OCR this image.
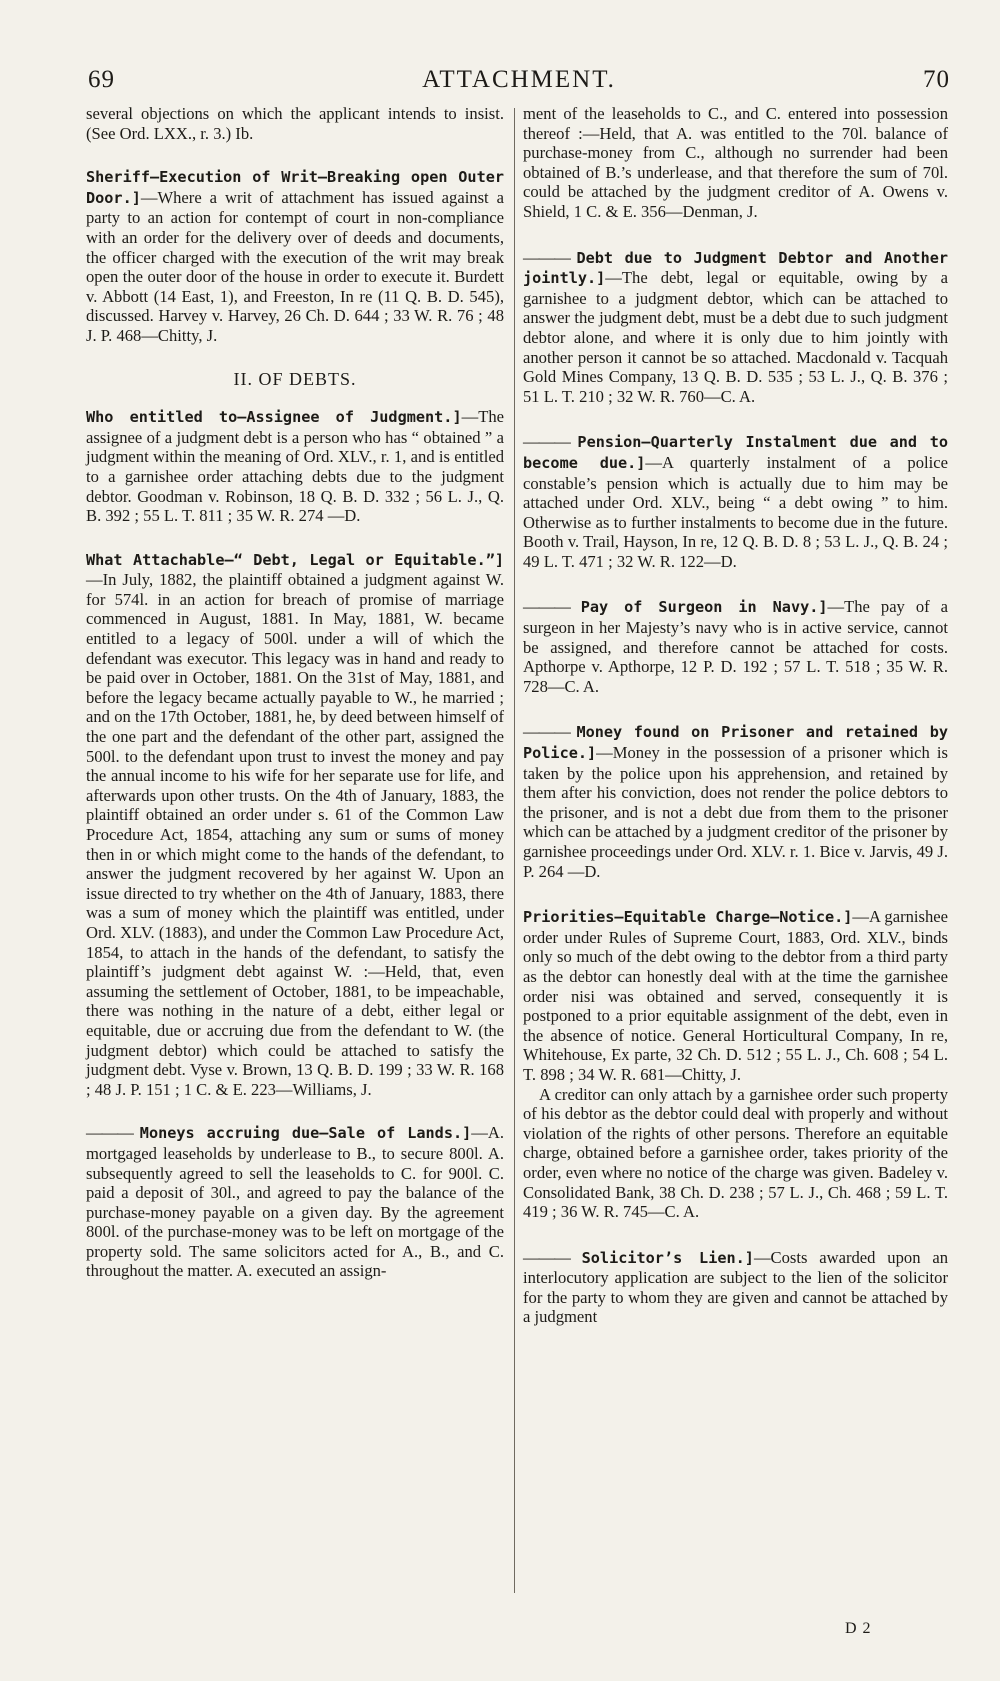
69	ATTACHMENT.	70

several objections on which the applicant intends to insist. (See Ord. LXX., r. 3.) Ib.

Sheriff—Execution of Writ—Breaking open Outer Door.]—Where a writ of attachment has issued against a party to an action for contempt of court in non-compliance with an order for the delivery over of deeds and documents, the officer charged with the execution of the writ may break open the outer door of the house in order to execute it. Burdett v. Abbott (14 East, 1), and Freeston, In re (11 Q. B. D. 545), discussed. Harvey v. Harvey, 26 Ch. D. 644 ; 33 W. R. 76 ; 48 J. P. 468—Chitty, J.

II. OF DEBTS.

Who entitled to—Assignee of Judgment.]—The assignee of a judgment debt is a person who has “ obtained ” a judgment within the meaning of Ord. XLV., r. 1, and is entitled to a garnishee order attaching debts due to the judgment debtor. Goodman v. Robinson, 18 Q. B. D. 332 ; 56 L. J., Q. B. 392 ; 55 L. T. 811 ; 35 W. R. 274 —D.

What Attachable—“ Debt, Legal or Equitable.”]—In July, 1882, the plaintiff obtained a judgment against W. for 574l. in an action for breach of promise of marriage commenced in August, 1881. In May, 1881, W. became entitled to a legacy of 500l. under a will of which the defendant was executor. This legacy was in hand and ready to be paid over in October, 1881. On the 31st of May, 1881, and before the legacy became actually payable to W., he married ; and on the 17th October, 1881, he, by deed between himself of the one part and the defendant of the other part, assigned the 500l. to the defendant upon trust to invest the money and pay the annual income to his wife for her separate use for life, and afterwards upon other trusts. On the 4th of January, 1883, the plaintiff obtained an order under s. 61 of the Common Law Procedure Act, 1854, attaching any sum or sums of money then in or which might come to the hands of the defendant, to answer the judgment recovered by her against W. Upon an issue directed to try whether on the 4th of January, 1883, there was a sum of money which the plaintiff was entitled, under Ord. XLV. (1883), and under the Common Law Procedure Act, 1854, to attach in the hands of the defendant, to satisfy the plaintiff’s judgment debt against W. :—Held, that, even assuming the settlement of October, 1881, to be impeachable, there was nothing in the nature of a debt, either legal or equitable, due or accruing due from the defendant to W. (the judgment debtor) which could be attached to satisfy the judgment debt. Vyse v. Brown, 13 Q. B. D. 199 ; 33 W. R. 168 ; 48 J. P. 151 ; 1 C. & E. 223—Williams, J.

——— Moneys accruing due—Sale of Lands.]—A. mortgaged leaseholds by underlease to B., to secure 800l. A. subsequently agreed to sell the leaseholds to C. for 900l. C. paid a deposit of 30l., and agreed to pay the balance of the purchase-money payable on a given day. By the agreement 800l. of the purchase-money was to be left on mortgage of the property sold. The same solicitors acted for A., B., and C. throughout the matter. A. executed an assign-

ment of the leaseholds to C., and C. entered into possession thereof :—Held, that A. was entitled to the 70l. balance of purchase-money from C., although no surrender had been obtained of B.’s underlease, and that therefore the sum of 70l. could be attached by the judgment creditor of A. Owens v. Shield, 1 C. & E. 356—Denman, J.

——— Debt due to Judgment Debtor and Another jointly.]—The debt, legal or equitable, owing by a garnishee to a judgment debtor, which can be attached to answer the judgment debt, must be a debt due to such judgment debtor alone, and where it is only due to him jointly with another person it cannot be so attached. Macdonald v. Tacquah Gold Mines Company, 13 Q. B. D. 535 ; 53 L. J., Q. B. 376 ; 51 L. T. 210 ; 32 W. R. 760—C. A.

——— Pension—Quarterly Instalment due and to become due.]—A quarterly instalment of a police constable’s pension which is actually due to him may be attached under Ord. XLV., being “ a debt owing ” to him. Otherwise as to further instalments to become due in the future. Booth v. Trail, Hayson, In re, 12 Q. B. D. 8 ; 53 L. J., Q. B. 24 ; 49 L. T. 471 ; 32 W. R. 122—D.

——— Pay of Surgeon in Navy.]—The pay of a surgeon in her Majesty’s navy who is in active service, cannot be assigned, and therefore cannot be attached for costs. Apthorpe v. Apthorpe, 12 P. D. 192 ; 57 L. T. 518 ; 35 W. R. 728—C. A.

——— Money found on Prisoner and retained by Police.]—Money in the possession of a prisoner which is taken by the police upon his apprehension, and retained by them after his conviction, does not render the police debtors to the prisoner, and is not a debt due from them to the prisoner which can be attached by a judgment creditor of the prisoner by garnishee proceedings under Ord. XLV. r. 1. Bice v. Jarvis, 49 J. P. 264 —D.

Priorities—Equitable Charge—Notice.]—A garnishee order under Rules of Supreme Court, 1883, Ord. XLV., binds only so much of the debt owing to the debtor from a third party as the debtor can honestly deal with at the time the garnishee order nisi was obtained and served, consequently it is postponed to a prior equitable assignment of the debt, even in the absence of notice. General Horticultural Company, In re, Whitehouse, Ex parte, 32 Ch. D. 512 ; 55 L. J., Ch. 608 ; 54 L. T. 898 ; 34 W. R. 681—Chitty, J.

A creditor can only attach by a garnishee order such property of his debtor as the debtor could deal with properly and without violation of the rights of other persons. Therefore an equitable charge, obtained before a garnishee order, takes priority of the order, even where no notice of the charge was given. Badeley v. Consolidated Bank, 38 Ch. D. 238 ; 57 L. J., Ch. 468 ; 59 L. T. 419 ; 36 W. R. 745—C. A.

——— Solicitor’s Lien.]—Costs awarded upon an interlocutory application are subject to the lien of the solicitor for the party to whom they are given and cannot be attached by a judgment

D 2
